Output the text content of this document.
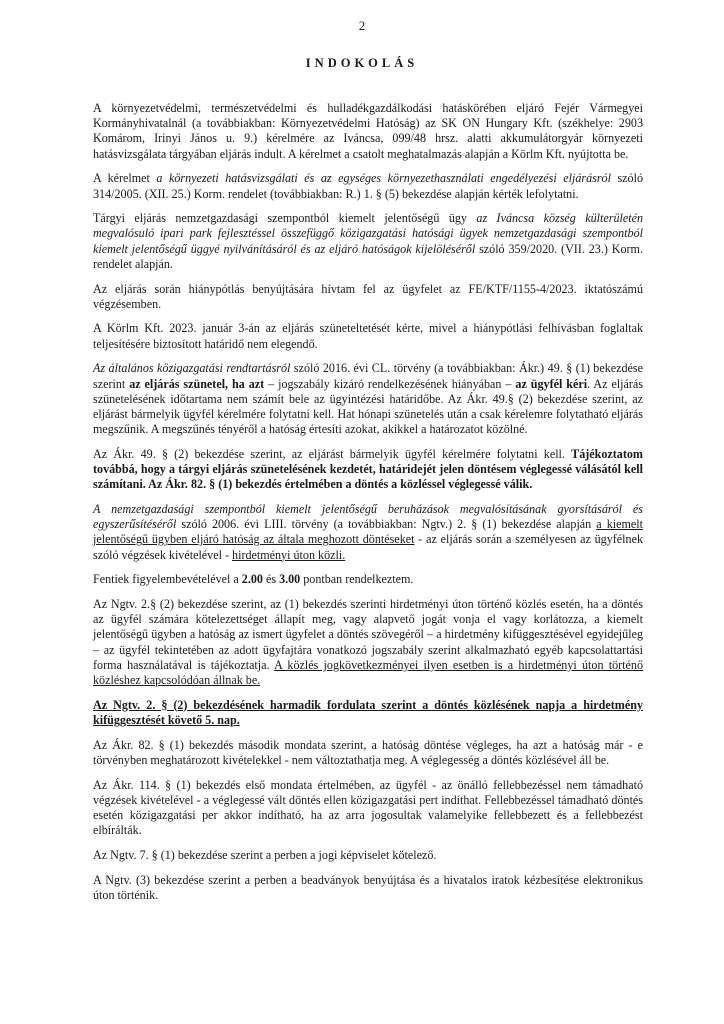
2
INDOKOLÁS

A környezetvédelmi, természetvédelmi és hulladékgazdálkodási hatáskörében eljáró Fejér Vármegyei Kormányhivatalnál (a továbbiakban: Környezetvédelmi Hatóság) az SK ON Hungary Kft. (székhelye: 2903 Komárom, Irinyi János u. 9.) kérelmére az Iváncsa, 099/48 hrsz. alatti akkumulátorgyár környezeti hatásvizsgálata tárgyában eljárás indult. A kérelmet a csatolt meghatalmazás alapján a Körlm Kft. nyújtotta be.

A kérelmet a környezeti hatásvizsgálati és az egységes környezethasználati engedélyezési eljárásról szóló 314/2005. (XII. 25.) Korm. rendelet (továbbiakban: R.) 1. § (5) bekezdése alapján kérték lefolytatni.

Tárgyi eljárás nemzetgazdasági szempontból kiemelt jelentőségű ügy az Iváncsa község külterületén megvalósuló ipari park fejlesztéssel összefüggő közigazgatási hatósági ügyek nemzetgazdasági szempontból kiemelt jelentőségű üggyé nyilvánításáról és az eljáró hatóságok kijelöléséről szóló 359/2020. (VII. 23.) Korm. rendelet alapján.

Az eljárás során hiánypótlás benyújtására hívtam fel az ügyfelet az FE/KTF/1155-4/2023. iktatószámú végzésemben.

A Körlm Kft. 2023. január 3-án az eljárás szüneteltetését kérte, mivel a hiánypótlási felhívásban foglaltak teljesítésére biztosított határidő nem elegendő.

Az általános közigazgatási rendtartásról szóló 2016. évi CL. törvény (a továbbiakban: Ákr.) 49. § (1) bekezdése szerint az eljárás szünetel, ha azt – jogszabály kizáró rendelkezésének hiányában – az ügyfél kéri. Az eljárás szünetelésének időtartama nem számít bele az ügyintézési határidőbe. Az Ákr. 49.§ (2) bekezdése szerint, az eljárást bármelyik ügyfél kérelmére folytatni kell. Hat hónapi szünetelés után a csak kérelemre folytatható eljárás megszűnik. A megszűnés tényéről a hatóság értesíti azokat, akikkel a határozatot közölné.

Az Ákr. 49. § (2) bekezdése szerint, az eljárást bármelyik ügyfél kérelmére folytatni kell. Tájékoztatom továbbá, hogy a tárgyi eljárás szünetelésének kezdetét, határidejét jelen döntésem véglegessé válásától kell számítani. Az Ákr. 82. § (1) bekezdés értelmében a döntés a közléssel véglegessé válik.

A nemzetgazdasági szempontból kiemelt jelentőségű beruházások megvalósításának gyorsításáról és egyszerűsítéséről szóló 2006. évi LIII. törvény (a továbbiakban: Ngtv.) 2. § (1) bekezdése alapján a kiemelt jelentőségű ügyben eljáró hatóság az általa meghozott döntéseket - az eljárás során a személyesen az ügyfélnek szóló végzések kivételével - hirdetményi úton közli.

Fentiek figyelembevételével a 2.00 és 3.00 pontban rendelkeztem.

Az Ngtv. 2.§ (2) bekezdése szerint, az (1) bekezdés szerinti hirdetményi úton történő közlés esetén, ha a döntés az ügyfél számára kötelezettséget állapít meg, vagy alapvető jogát vonja el vagy korlátozza, a kiemelt jelentőségű ügyben a hatóság az ismert ügyfelet a döntés szövegéről – a hirdetmény kifüggesztésével egyidejűleg – az ügyfél tekintetében az adott ügyfajtára vonatkozó jogszabály szerint alkalmazható egyéb kapcsolattartási forma használatával is tájékoztatja. A közlés jogkövetkezményei ilyen esetben is a hirdetményi úton történő közléshez kapcsolódóan állnak be.

Az Ngtv. 2. § (2) bekezdésének harmadik fordulata szerint a döntés közlésének napja a hirdetmény kifüggesztését követő 5. nap.

Az Ákr. 82. § (1) bekezdés második mondata szerint, a hatóság döntése végleges, ha azt a hatóság már - e törvényben meghatározott kivételekkel - nem változtathatja meg. A véglegesség a döntés közlésével áll be.

Az Ákr. 114. § (1) bekezdés első mondata értelmében, az ügyfél - az önálló fellebbezéssel nem támadható végzések kivételével - a véglegessé vált döntés ellen közigazgatási pert indíthat. Fellebbezéssel támadható döntés esetén közigazgatási per akkor indítható, ha az arra jogosultak valamelyike fellebbezett és a fellebbezést elbírálták.

Az Ngtv. 7. § (1) bekezdése szerint a perben a jogi képviselet kötelező.

A Ngtv. (3) bekezdése szerint a perben a beadványok benyújtása és a hivatalos iratok kézbesítése elektronikus úton történik.
